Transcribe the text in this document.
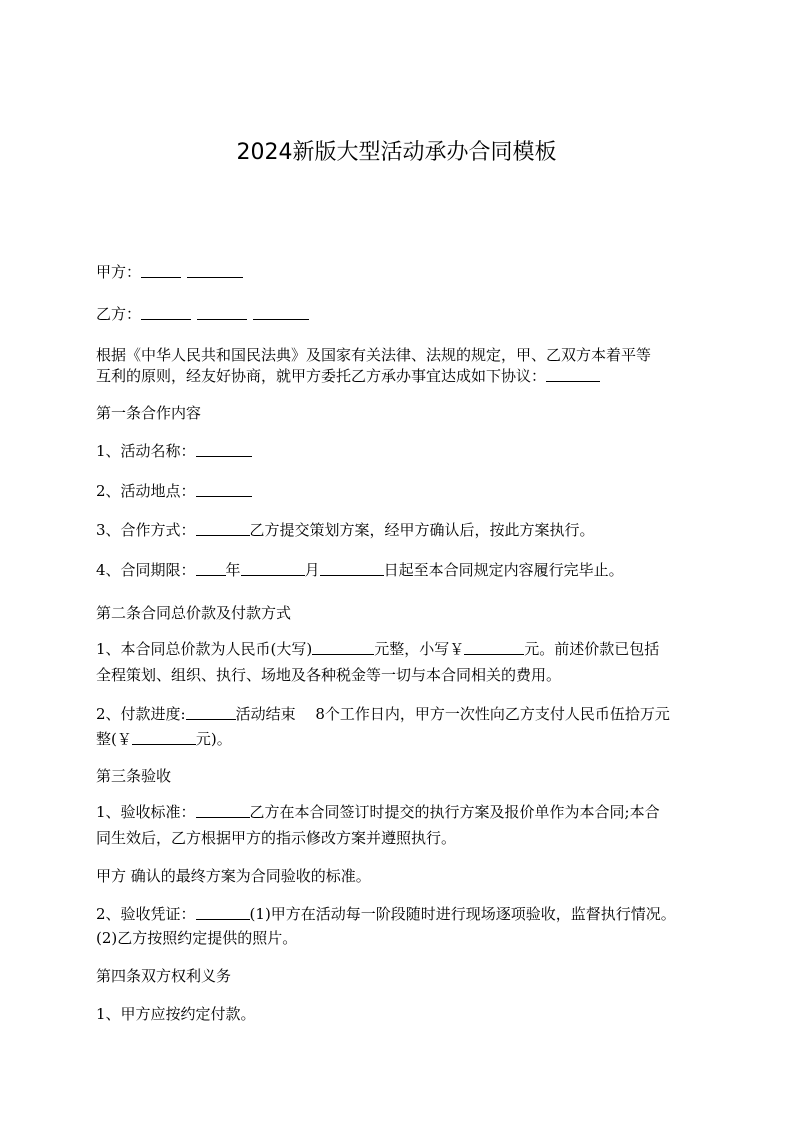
2024新版大型活动承办合同模板
甲方：
乙方：
根据《中华人民共和国民法典》及国家有关法律、法规的规定，甲、乙双方本着平等
互利的原则，经友好协商，就甲方委托乙方承办事宜达成如下协议：
第一条合作内容
1、活动名称：
2、活动地点：
3、合作方式：	乙方提交策划方案，经甲方确认后，按此方案执行。
4、合同期限： 年	月	日起至本合同规定内容履行完毕止。
第二条合同总价款及付款方式
1、本合同总价款为人民币(大写)	元整，小写￥	元。前述价款已包括
全程策划、组织、执行、场地及各种税金等一切与本合同相关的费用。
2、付款进度:	活动结束　 8个工作日内，甲方一次性向乙方支付人民币伍拾万元
整(￥	元)。
第三条验收
1、验收标准：	乙方在本合同签订时提交的执行方案及报价单作为本合同;本合
同生效后，乙方根据甲方的指示修改方案并遵照执行。
甲方 确认的最终方案为合同验收的标准。
2、验收凭证：	(1)甲方在活动每一阶段随时进行现场逐项验收，监督执行情况。
(2)乙方按照约定提供的照片。
第四条双方权利义务
1、甲方应按约定付款。
